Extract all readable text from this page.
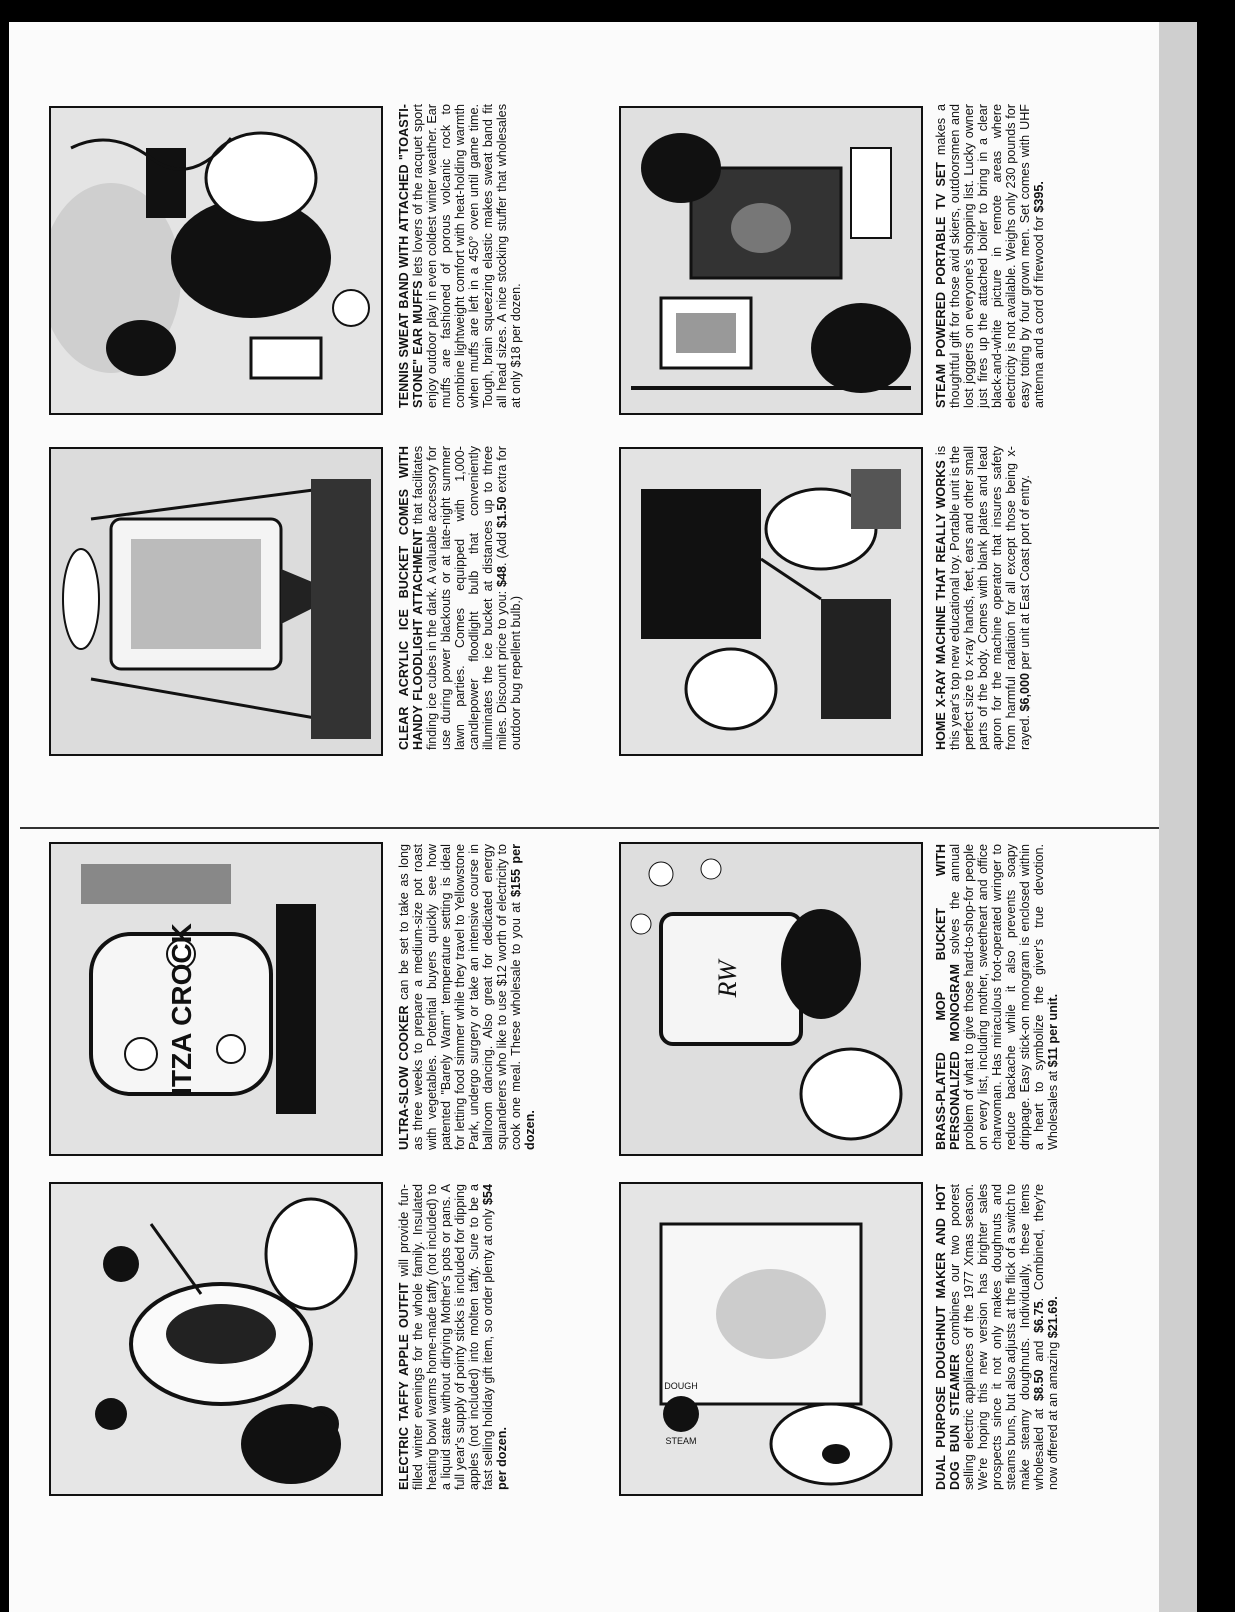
ITZA CROCK	RW
STEAM
DOUGH
TENNIS SWEAT BAND WITH ATTACHED "TOASTI-STONE" EAR MUFFS lets lovers of the racquet sport enjoy outdoor play in even coldest winter weather. Ear muffs are fashioned of porous volcanic rock to combine lightweight comfort with heat-holding warmth when muffs are left in a 450° oven until game time. Tough, brain squeezing elastic makes sweat band fit all head sizes. A nice stocking stuffer that wholesales at only $18 per dozen.
CLEAR ACRYLIC ICE BUCKET COMES WITH HANDY FLOODLIGHT ATTACHMENT that facilitates finding ice cubes in the dark. A valuable accessory for use during power blackouts or at late-night summer lawn parties. Comes equipped with 1,000-candlepower floodlight bulb that conveniently illuminates the ice bucket at distances up to three miles. Discount price to you: $48. (Add $1.50 extra for outdoor bug repellent bulb.)
ULTRA-SLOW COOKER can be set to take as long as three weeks to prepare a medium-size pot roast with vegetables. Potential buyers quickly see how patented "Barely Warm" temperature setting is ideal for letting food simmer while they travel to Yellowstone Park, undergo surgery or take an intensive course in ballroom dancing. Also great for dedicated energy squanderers who like to use $12 worth of electricity to cook one meal. These wholesale to you at $155 per dozen.
ELECTRIC TAFFY APPLE OUTFIT will provide fun-filled winter evenings for the whole family. Insulated heating bowl warms home-made taffy (not included) to a liquid state without dirtying Mother's pots or pans. A full year's supply of pointy sticks is included for dipping apples (not included) into molten taffy. Sure to be a fast selling holiday gift item, so order plenty at only $54 per dozen.
STEAM POWERED PORTABLE TV SET makes a thoughtful gift for those avid skiers, outdoorsmen and lost joggers on everyone's shopping list. Lucky owner just fires up the attached boiler to bring in a clear black-and-white picture in remote areas where electricity is not available. Weighs only 230 pounds for easy toting by four grown men. Set comes with UHF antenna and a cord of firewood for $395.
HOME X-RAY MACHINE THAT REALLY WORKS is this year's top new educational toy. Portable unit is the perfect size to x-ray hands, feet, ears and other small parts of the body. Comes with blank plates and lead apron for the machine operator that insures safety from harmful radiation for all except those being x-rayed. $6,000 per unit at East Coast port of entry.
BRASS-PLATED MOP BUCKET WITH PERSONALIZED MONOGRAM solves the annual problem of what to give those hard-to-shop-for people on every list, including mother, sweetheart and office charwoman. Has miraculous foot-operated wringer to reduce backache while it also prevents soapy drippage. Easy stick-on monogram is enclosed within a heart to symbolize the giver's true devotion. Wholesales at $11 per unit.
DUAL PURPOSE DOUGHNUT MAKER AND HOT DOG BUN STEAMER combines our two poorest selling electric appliances of the 1977 Xmas season. We're hoping this new version has brighter sales prospects since it not only makes doughnuts and steams buns, but also adjusts at the flick of a switch to make steamy doughnuts. Individually, these items wholesaled at $8.50 and $6.75. Combined, they're now offered at an amazing $21.69.
